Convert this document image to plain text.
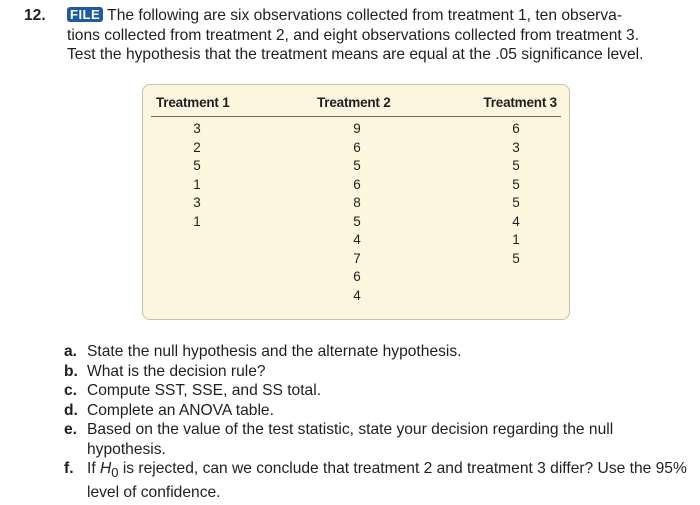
12. FILE The following are six observations collected from treatment 1, ten observa-
tions collected from treatment 2, and eight observations collected from treatment 3.
Test the hypothesis that the treatment means are equal at the .05 significance level.
Treatment 1	Treatment 2	Treatment 3
3
2
5
1
3
1
9
6
5
6
8
5
4
7
6
4
6
3
5
5
5
4
1
5
a. State the null hypothesis and the alternate hypothesis.
b. What is the decision rule?
c. Compute SST, SSE, and SS total.
d. Complete an ANOVA table.
e. Based on the value of the test statistic, state your decision regarding the null hypothesis.
f. If $H_0$ is rejected, can we conclude that treatment 2 and treatment 3 differ? Use the 95% level of confidence.
